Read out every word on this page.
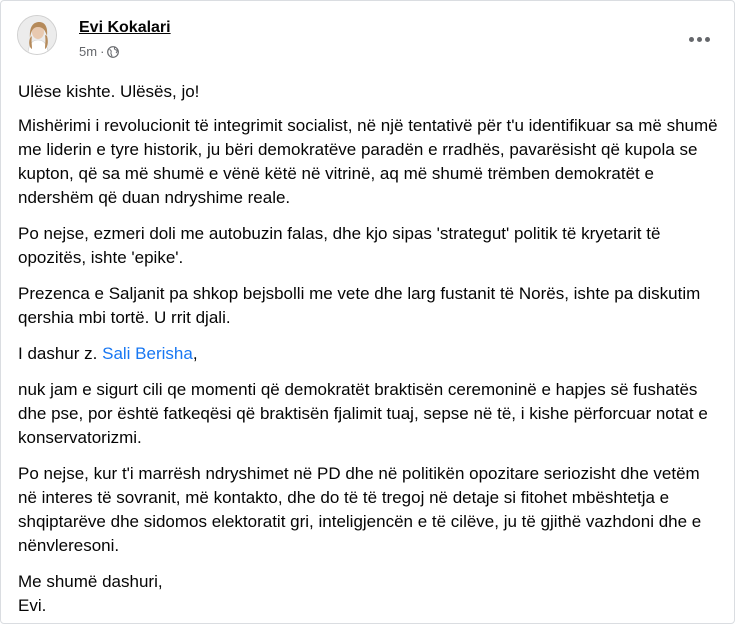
Evi Kokalari
5m ·

Ulëse kishte. Ulësës, jo!

Mishërimi i revolucionit të integrimit socialist, në një tentativë për t'u identifikuar sa më shumë me liderin e tyre historik, ju bëri demokratëve paradën e rradhës, pavarësisht që kupola se kupton, që sa më shumë e vënë këtë në vitrinë, aq më shumë trëmben demokratët e ndershëm që duan ndryshime reale.

Po nejse, ezmeri doli me autobuzin falas, dhe kjo sipas 'strategut' politik të kryetarit të opozitës, ishte 'epike'.

Prezenca e Saljanit pa shkop bejsbolli me vete dhe larg fustanit të Norës, ishte pa diskutim qershia mbi tortë. U rrit djali.

I dashur z. Sali Berisha,

nuk jam e sigurt cili qe momenti që demokratët braktisën ceremoninë e hapjes së fushatës dhe pse, por është fatkeqësi që braktisën fjalimit tuaj, sepse në të, i kishe përforcuar notat e konservatorizmi.

Po nejse, kur t'i marrësh ndryshimet në PD dhe në politikën opozitare seriozisht dhe vetëm në interes të sovranit, më kontakto, dhe do të të tregoj në detaje si fitohet mbështetja e shqiptarëve dhe sidomos elektoratit gri, inteligjencën e të cilëve, ju të gjithë vazhdoni dhe e nënvleresoni.

Me shumë dashuri,

Evi.
